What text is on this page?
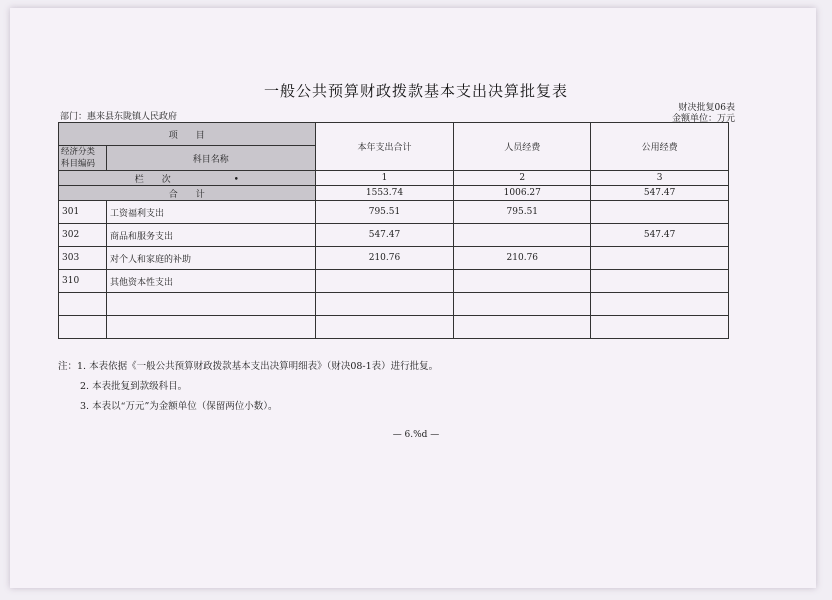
一般公共预算财政拨款基本支出决算批复表
部门：惠来县东陇镇人民政府
财决批复06表
金额单位：万元
项　　目		本年支出合计	人员经费	公用经费

经济分类
科目编码	科目名称			

栏　　次 •		1	2	3
合　　计		1553.74	1006.27	547.47
301	工资福利支出	795.51	795.51	
302	商品和服务支出	547.47		547.47
303	对个人和家庭的补助	210.76	210.76	
310	其他资本性支出			

注：1. 本表依据《一般公共预算财政拨款基本支出决算明细表》（财决08-1表）进行批复。
2. 本表批复到款级科目。
3. 本表以“万元”为金额单位（保留两位小数）。
— 6.%d —
